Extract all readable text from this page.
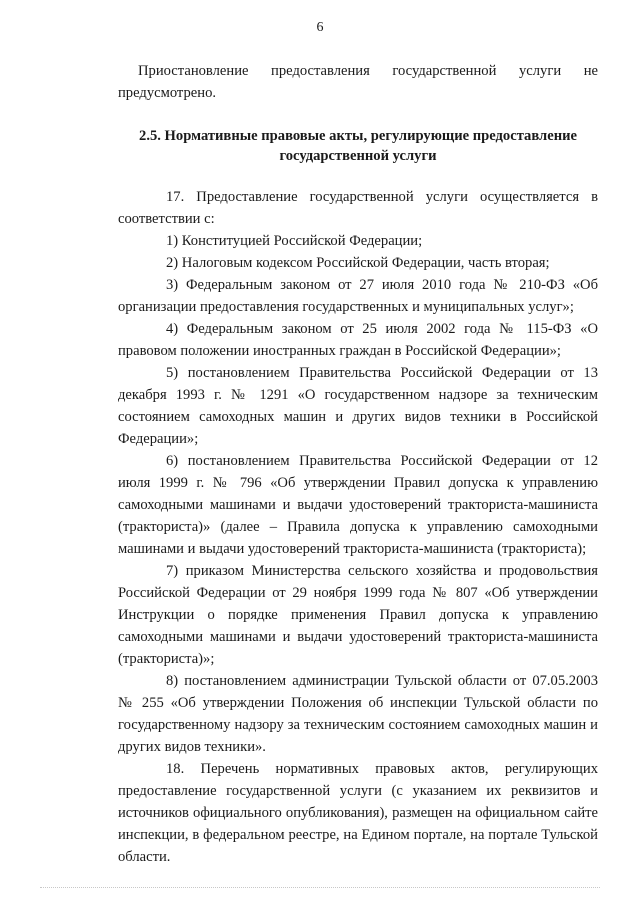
6

Приостановление предоставления государственной услуги не предусмотрено.

2.5. Нормативные правовые акты, регулирующие предоставление государственной услуги

17. Предоставление государственной услуги осуществляется в соответствии с:

1) Конституцией Российской Федерации;

2) Налоговым кодексом Российской Федерации, часть вторая;

3) Федеральным законом от 27 июля 2010 года № 210-ФЗ «Об организации предоставления государственных и муниципальных услуг»;

4) Федеральным законом от 25 июля 2002 года № 115-ФЗ «О правовом положении иностранных граждан в Российской Федерации»;

5) постановлением Правительства Российской Федерации от 13 декабря 1993 г. № 1291 «О государственном надзоре за техническим состоянием самоходных машин и других видов техники в Российской Федерации»;

6) постановлением Правительства Российской Федерации от 12 июля 1999 г. № 796 «Об утверждении Правил допуска к управлению самоходными машинами и выдачи удостоверений тракториста-машиниста (тракториста)» (далее – Правила допуска к управлению самоходными машинами и выдачи удостоверений тракториста-машиниста (тракториста);

7) приказом Министерства сельского хозяйства и продовольствия Российской Федерации от 29 ноября 1999 года № 807 «Об утверждении Инструкции о порядке применения Правил допуска к управлению самоходными машинами и выдачи удостоверений тракториста-машиниста (тракториста)»;

8) постановлением администрации Тульской области от 07.05.2003 № 255 «Об утверждении Положения об инспекции Тульской области по государственному надзору за техническим состоянием самоходных машин и других видов техники».

18. Перечень нормативных правовых актов, регулирующих предоставление государственной услуги (с указанием их реквизитов и источников официального опубликования), размещен на официальном сайте инспекции, в федеральном реестре, на Едином портале, на портале Тульской области.
